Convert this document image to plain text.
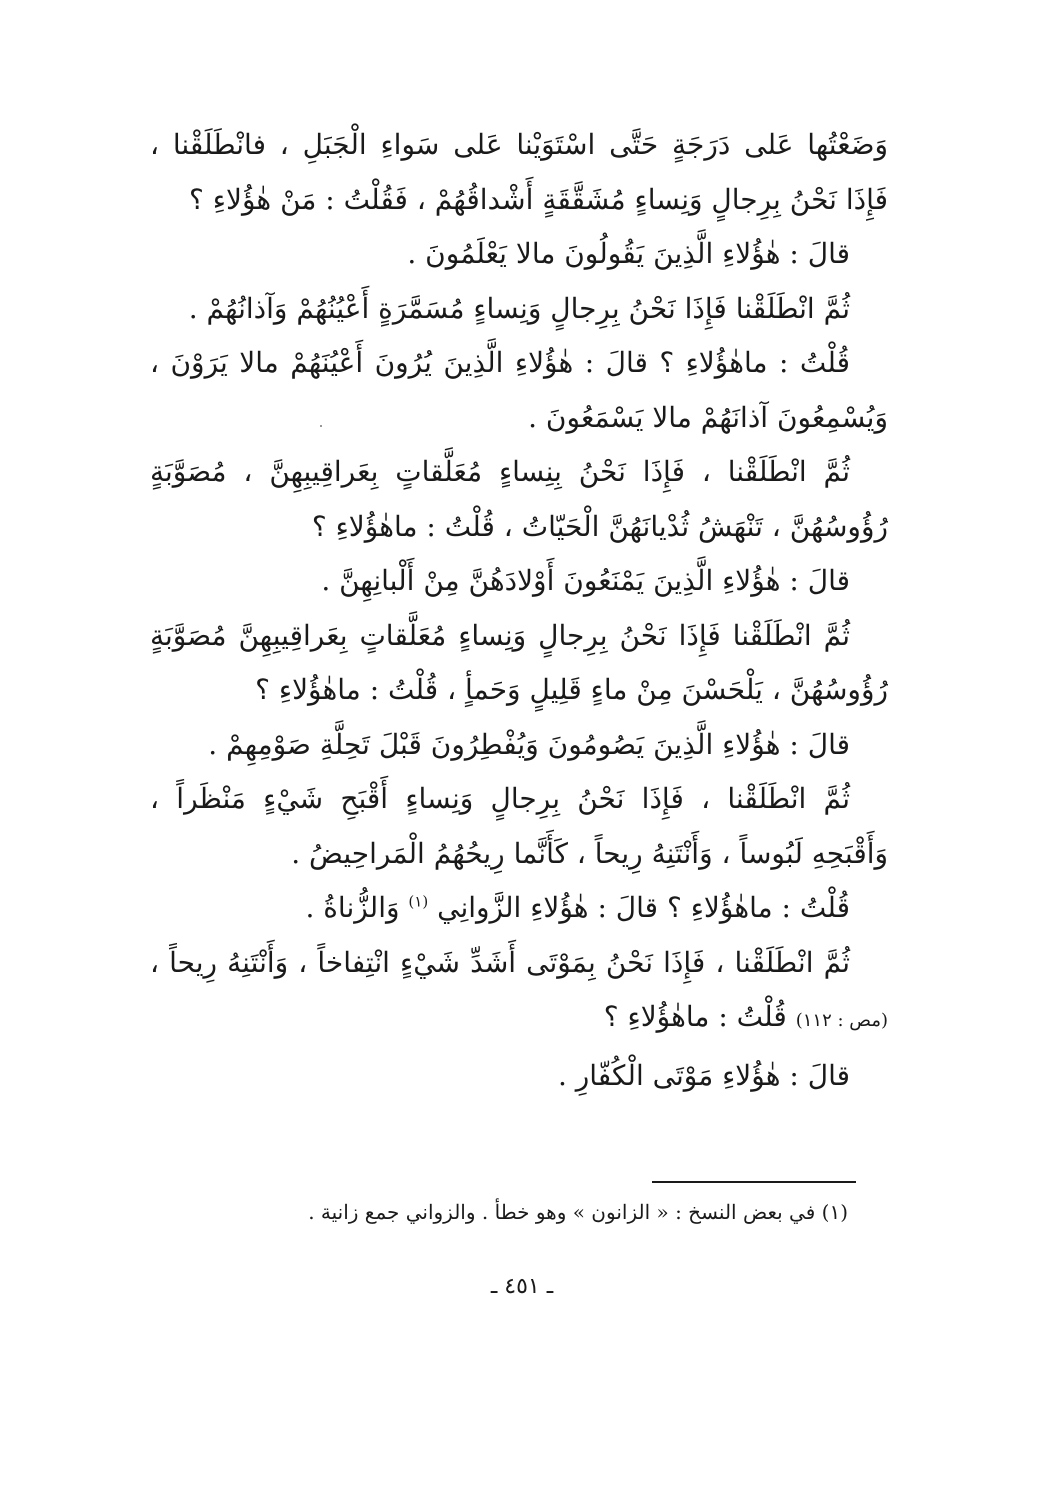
وَضَعْتُها عَلى دَرَجَةٍ حَتَّى اسْتَوَيْنا عَلى سَواءِ الْجَبَلِ ، فانْطَلَقْنا ، فَإِذَا نَحْنُ بِرِجالٍ وَنِساءٍ مُشَقَّقَةٍ أَشْداقُهُمْ ، فَقُلْتُ : مَنْ هٰؤُلاءِ ؟

قالَ : هٰؤُلاءِ الَّذِينَ يَقُولُونَ مالا يَعْلَمُونَ .

ثُمَّ انْطَلَقْنا فَإِذَا نَحْنُ بِرِجالٍ وَنِساءٍ مُسَمَّرَةٍ أَعْيُنُهُمْ وَآذانُهُمْ .

قُلْتُ : ماهٰؤُلاءِ ؟ قالَ : هٰؤُلاءِ الَّذِينَ يُرُونَ أَعْيُنَهُمْ مالا يَرَوْنَ ، وَيُسْمِعُونَ آذانَهُمْ مالا يَسْمَعُونَ .

ثُمَّ انْطَلَقْنا ، فَإِذَا نَحْنُ بِنِساءٍ مُعَلَّقاتٍ بِعَراقِيبِهِنَّ ، مُصَوَّبَةٍ رُؤُوسُهُنَّ ، تَنْهَشُ ثُدْيانَهُنَّ الْحَيّاتُ ، قُلْتُ : ماهٰؤُلاءِ ؟

قالَ : هٰؤُلاءِ الَّذِينَ يَمْنَعُونَ أَوْلادَهُنَّ مِنْ أَلْبانِهِنَّ .

ثُمَّ انْطَلَقْنا فَإِذَا نَحْنُ بِرِجالٍ وَنِساءٍ مُعَلَّقاتٍ بِعَراقِيبِهِنَّ مُصَوَّبَةٍ رُؤُوسُهُنَّ ، يَلْحَسْنَ مِنْ ماءٍ قَلِيلٍ وَحَمأٍ ، قُلْتُ : ماهٰؤُلاءِ ؟

قالَ : هٰؤُلاءِ الَّذِينَ يَصُومُونَ وَيُفْطِرُونَ قَبْلَ تَحِلَّةِ صَوْمِهِمْ .

ثُمَّ انْطَلَقْنا ، فَإِذَا نَحْنُ بِرِجالٍ وَنِساءٍ أَقْبَحِ شَيْءٍ مَنْظَراً ، وَأَقْبَحِهِ لَبُوساً ، وَأَنْتَنِهُ رِيحاً ، كَأَنَّما رِيحُهُمُ الْمَراحِيضُ .

قُلْتُ : ماهٰؤُلاءِ ؟ قالَ : هٰؤُلاءِ الزَّوانِي $^{(١)}$ وَالزُّناةُ .

ثُمَّ انْطَلَقْنا ، فَإِذَا نَحْنُ بِمَوْتَى أَشَدِّ شَيْءٍ انْتِفاخاً ، وَأَنْتَنِهُ رِيحاً ، (مص : ١١٢) قُلْتُ : ماهٰؤُلاءِ ؟

قالَ : هٰؤُلاءِ مَوْتَى الْكُفّارِ .

(١) في بعض النسخ : « الزانون » وهو خطأ . والزواني جمع زانية .
ـ ٤٥١ ـ
